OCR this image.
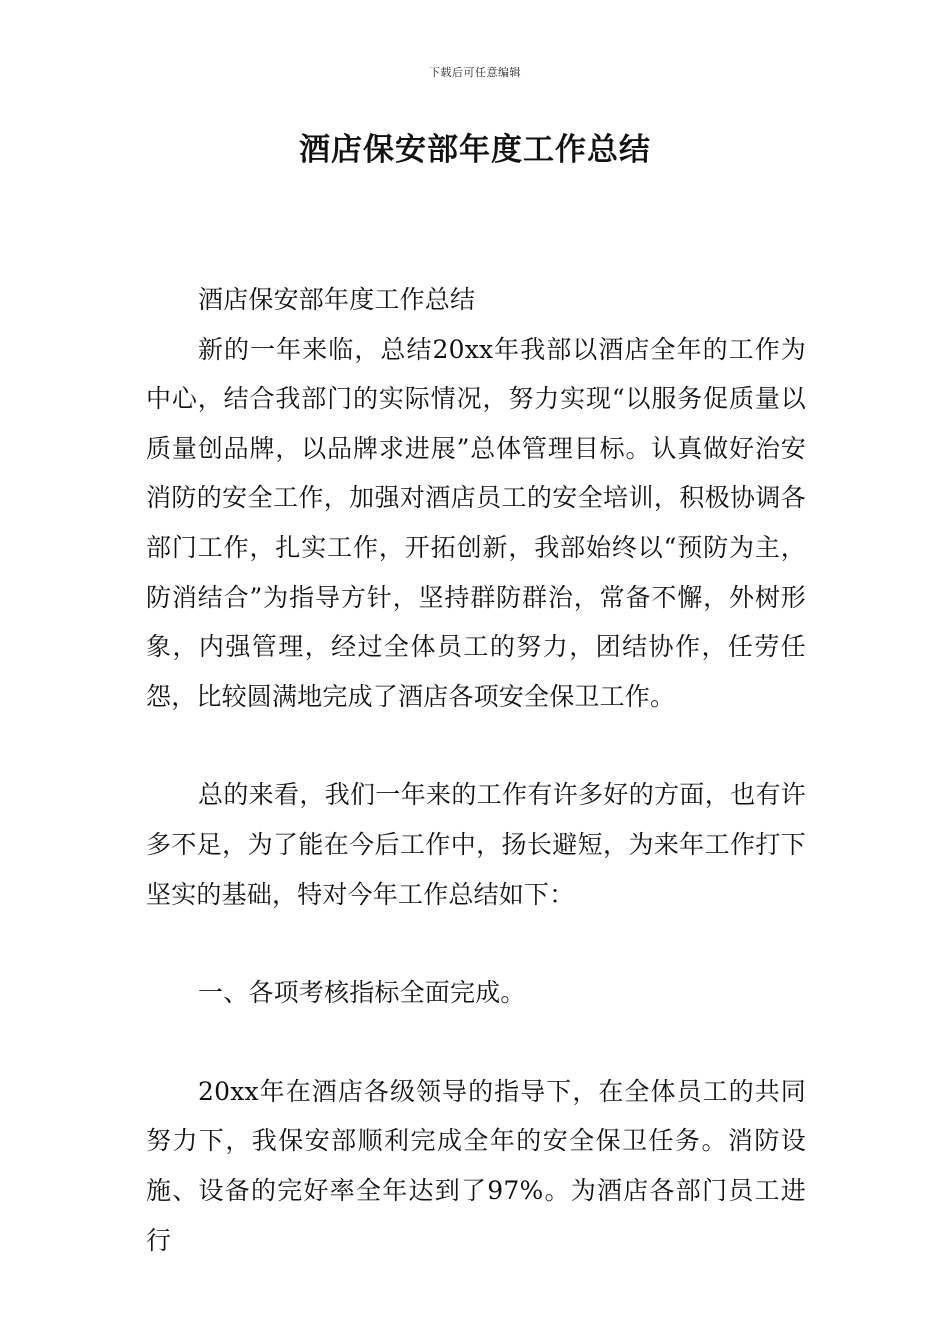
下载后可任意编辑
酒店保安部年度工作总结

酒店保安部年度工作总结

新的一年来临，总结20xx年我部以酒店全年的工作为中心，结合我部门的实际情况，努力实现“以服务促质量以质量创品牌，以品牌求进展”总体管理目标。认真做好治安消防的安全工作，加强对酒店员工的安全培训，积极协调各部门工作，扎实工作，开拓创新，我部始终以“预防为主，防消结合”为指导方针，坚持群防群治，常备不懈，外树形象，内强管理，经过全体员工的努力，团结协作，任劳任怨，比较圆满地完成了酒店各项安全保卫工作。

总的来看，我们一年来的工作有许多好的方面，也有许多不足，为了能在今后工作中，扬长避短，为来年工作打下坚实的基础，特对今年工作总结如下：

一、各项考核指标全面完成。

20xx年在酒店各级领导的指导下，在全体员工的共同努力下，我保安部顺利完成全年的安全保卫任务。消防设施、设备的完好率全年达到了97%。为酒店各部门员工进行
